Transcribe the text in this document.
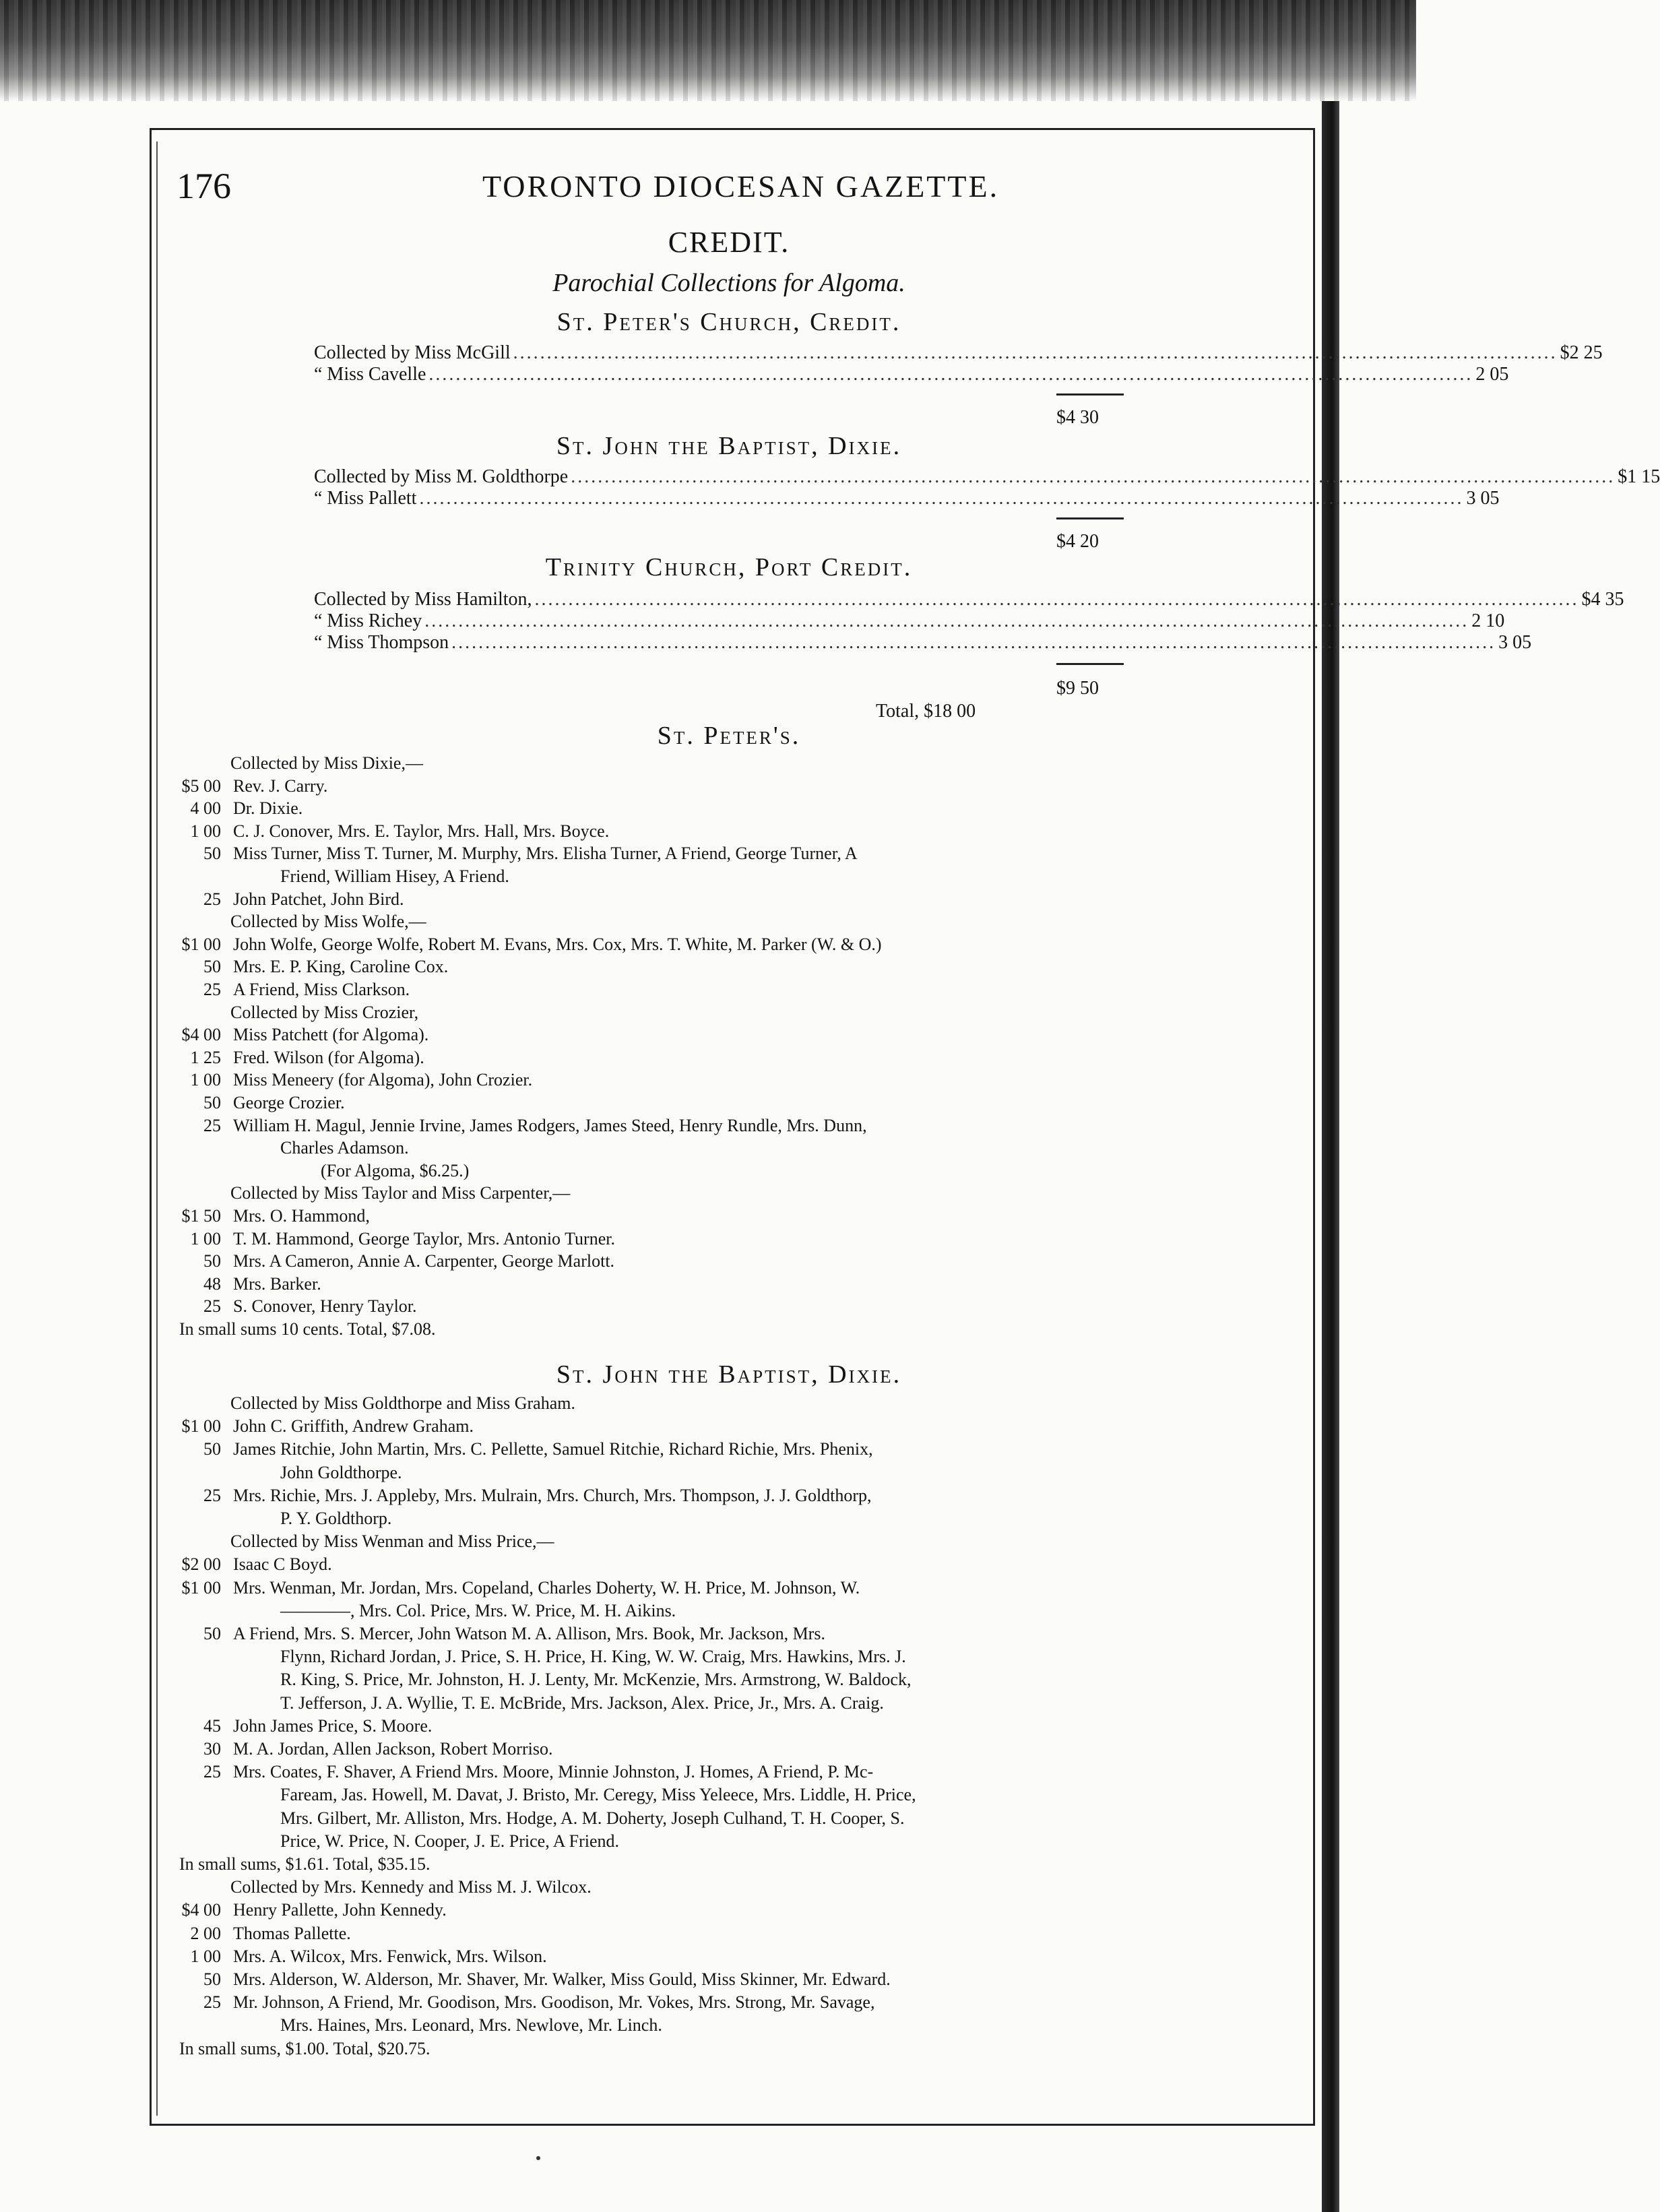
176	TORONTO DIOCESAN GAZETTE.
CREDIT.
Parochial Collections for Algoma.
St. Peter's Church, Credit.
Collected by Miss McGill ........................................................................................................................................................... $2 25
“ Miss Cavelle ........................................................................................................................................................... 2 05
$4 30
St. John the Baptist, Dixie.
Collected by Miss M. Goldthorpe ........................................................................................................................................................... $1 15
“ Miss Pallett ........................................................................................................................................................... 3 05
$4 20
Trinity Church, Port Credit.
Collected by Miss Hamilton, ........................................................................................................................................................... $4 35
“ Miss Richey ........................................................................................................................................................... 2 10
“ Miss Thompson ........................................................................................................................................................... 3 05
$9 50
Total, $18 00
St. Peter's.
Collected by Miss Dixie,—
$5 00 Rev. J. Carry.
4 00 Dr. Dixie.
1 00 C. J. Conover, Mrs. E. Taylor, Mrs. Hall, Mrs. Boyce.
50 Miss Turner, Miss T. Turner, M. Murphy, Mrs. Elisha Turner, A Friend, George Turner, A
Friend, William Hisey, A Friend.
25 John Patchet, John Bird.
Collected by Miss Wolfe,—
$1 00 John Wolfe, George Wolfe, Robert M. Evans, Mrs. Cox, Mrs. T. White, M. Parker (W. & O.)
50 Mrs. E. P. King, Caroline Cox.
25 A Friend, Miss Clarkson.
Collected by Miss Crozier,
$4 00 Miss Patchett (for Algoma).
1 25 Fred. Wilson (for Algoma).
1 00 Miss Meneery (for Algoma), John Crozier.
50 George Crozier.
25 William H. Magul, Jennie Irvine, James Rodgers, James Steed, Henry Rundle, Mrs. Dunn,
Charles Adamson.
(For Algoma, $6.25.)
Collected by Miss Taylor and Miss Carpenter,—
$1 50 Mrs. O. Hammond,
1 00 T. M. Hammond, George Taylor, Mrs. Antonio Turner.
50 Mrs. A Cameron, Annie A. Carpenter, George Marlott.
48 Mrs. Barker.
25 S. Conover, Henry Taylor.
In small sums 10 cents. Total, $7.08.
St. John the Baptist, Dixie.
Collected by Miss Goldthorpe and Miss Graham.
$1 00 John C. Griffith, Andrew Graham.
50 James Ritchie, John Martin, Mrs. C. Pellette, Samuel Ritchie, Richard Richie, Mrs. Phenix,
John Goldthorpe.
25 Mrs. Richie, Mrs. J. Appleby, Mrs. Mulrain, Mrs. Church, Mrs. Thompson, J. J. Goldthorp,
P. Y. Goldthorp.
Collected by Miss Wenman and Miss Price,—
$2 00 Isaac C Boyd.
$1 00 Mrs. Wenman, Mr. Jordan, Mrs. Copeland, Charles Doherty, W. H. Price, M. Johnson, W.
————, Mrs. Col. Price, Mrs. W. Price, M. H. Aikins.
50 A Friend, Mrs. S. Mercer, John Watson M. A. Allison, Mrs. Book, Mr. Jackson, Mrs.
Flynn, Richard Jordan, J. Price, S. H. Price, H. King, W. W. Craig, Mrs. Hawkins, Mrs. J.
R. King, S. Price, Mr. Johnston, H. J. Lenty, Mr. McKenzie, Mrs. Armstrong, W. Baldock,
T. Jefferson, J. A. Wyllie, T. E. McBride, Mrs. Jackson, Alex. Price, Jr., Mrs. A. Craig.
45 John James Price, S. Moore.
30 M. A. Jordan, Allen Jackson, Robert Morriso.
25 Mrs. Coates, F. Shaver, A Friend Mrs. Moore, Minnie Johnston, J. Homes, A Friend, P. Mc-
Faream, Jas. Howell, M. Davat, J. Bristo, Mr. Ceregy, Miss Yeleece, Mrs. Liddle, H. Price,
Mrs. Gilbert, Mr. Alliston, Mrs. Hodge, A. M. Doherty, Joseph Culhand, T. H. Cooper, S.
Price, W. Price, N. Cooper, J. E. Price, A Friend.
In small sums, $1.61. Total, $35.15.
Collected by Mrs. Kennedy and Miss M. J. Wilcox.
$4 00 Henry Pallette, John Kennedy.
2 00 Thomas Pallette.
1 00 Mrs. A. Wilcox, Mrs. Fenwick, Mrs. Wilson.
50 Mrs. Alderson, W. Alderson, Mr. Shaver, Mr. Walker, Miss Gould, Miss Skinner, Mr. Edward.
25 Mr. Johnson, A Friend, Mr. Goodison, Mrs. Goodison, Mr. Vokes, Mrs. Strong, Mr. Savage,
Mrs. Haines, Mrs. Leonard, Mrs. Newlove, Mr. Linch.
In small sums, $1.00. Total, $20.75.
